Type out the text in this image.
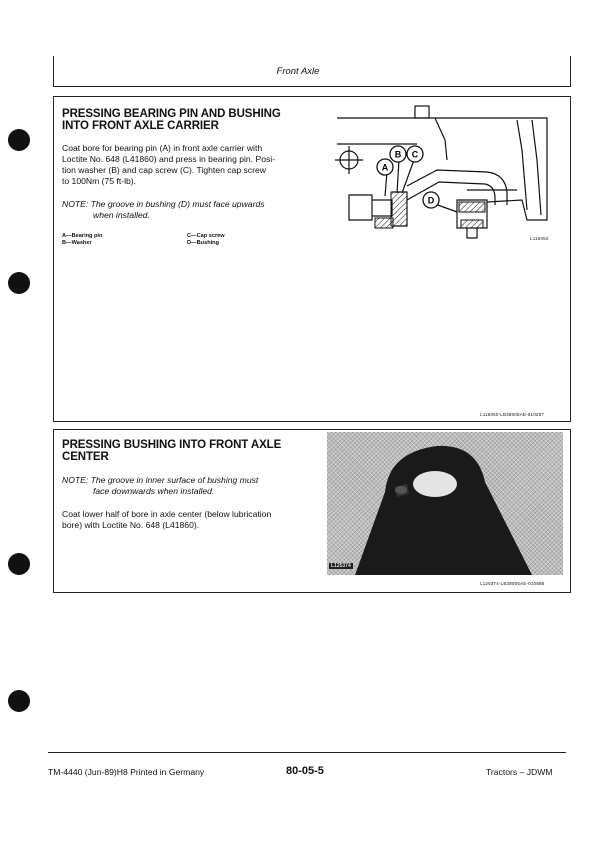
Front Axle
PRESSING BEARING PIN AND BUSHING
INTO FRONT AXLE CARRIER
Coat bore for bearing pin (A) in front axle carrier with
Loctite No. 648 (L41860) and press in bearing pin. Posi-
tion washer (B) and cap screw (C). Tighten cap screw
to 100Nm (75 ft-lb).
NOTE: The groove in bushing (D) must face upwards
when installed.
A—Bearing pin
B—Washer
C—Cap screw
D—Bushing
A
B C
D
L116050
L116050-LB38005AE-010287
PRESSING BUSHING INTO FRONT AXLE
CENTER
NOTE: The groove in inner surface of bushing must
face downwards when installed.
Coat lower half of bore in axle center (below lubrication
bore) with Loctite No. 648 (L41860).
L125374
L125374-LB38005AE-010888
TM-4440 (Jun-89)H8 Printed in Germany	80-05-5	Tractors – JDWM
